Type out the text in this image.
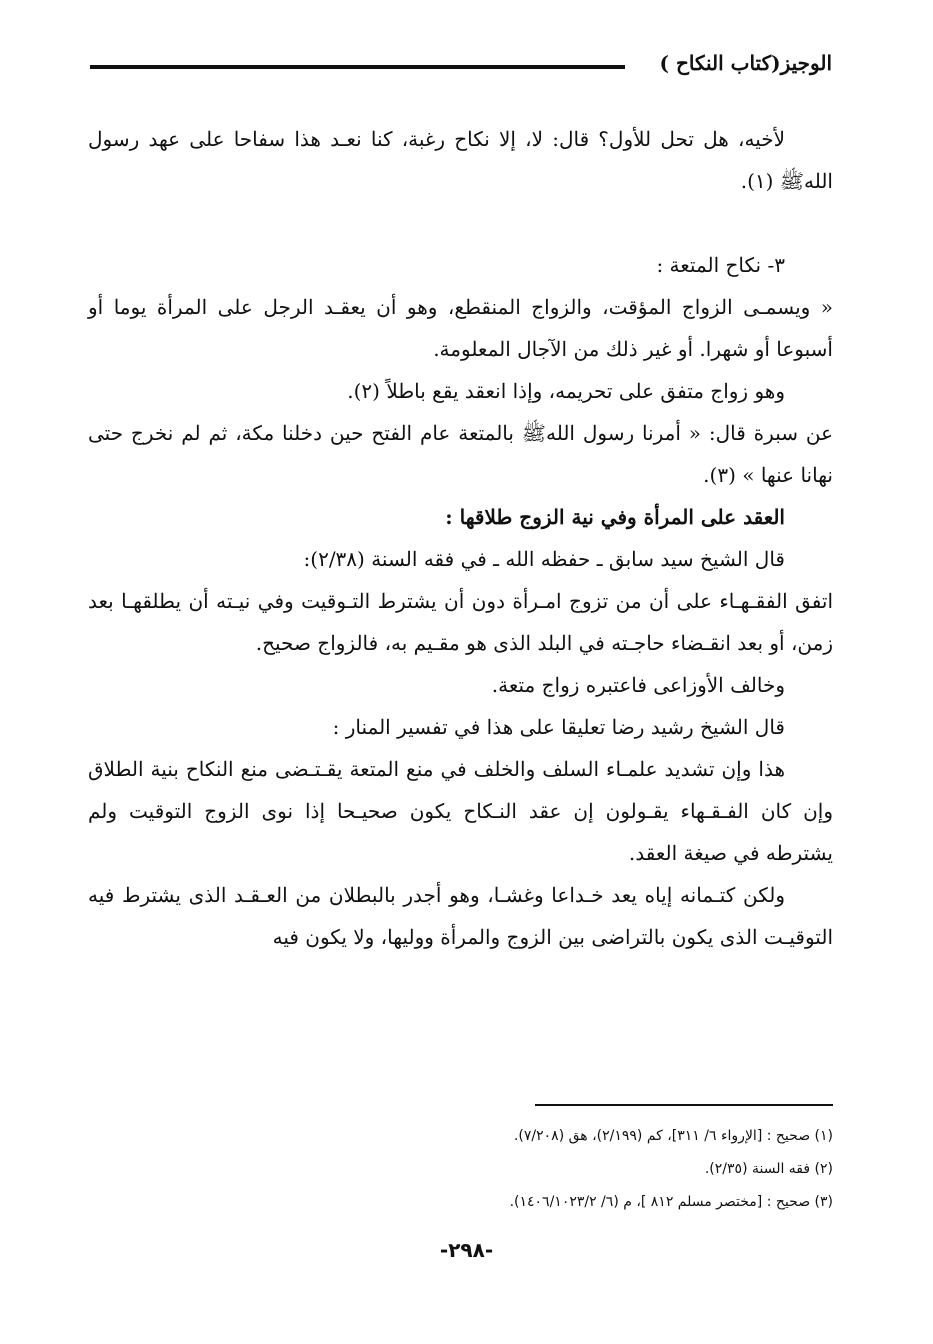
الوجيز(كتاب النكاح )

لأخيه، هل تحل للأول؟ قال: لا، إلا نكاح رغبة، كنا نعـد هذا سفاحا على عهد رسول اللهﷺ (١).

٣- نكاح المتعة :

« ويسمـى الزواج المؤقت، والزواج المنقطع، وهو أن يعقـد الرجل على المرأة يوما أو أسبوعا أو شهرا. أو غير ذلك من الآجال المعلومة.

وهو زواج متفق على تحريمه، وإذا انعقد يقع باطلاً (٢).

عن سبرة قال: « أمرنا رسول اللهﷺ بالمتعة عام الفتح حين دخلنا مكة، ثم لم نخرج حتى نهانا عنها » (٣).

العقد على المرأة وفي نية الزوج طلاقها :

قال الشيخ سيد سابق ـ حفظه الله ـ في فقه السنة (٢/٣٨):

اتفق الفقـهـاء على أن من تزوج امـرأة دون أن يشترط التـوقيت وفي نيـته أن يطلقهـا بعد زمن، أو بعد انقـضاء حاجـته في البلد الذى هو مقـيم به، فالزواج صحيح.

وخالف الأوزاعى فاعتبره زواج متعة.

قال الشيخ رشيد رضا تعليقا على هذا في تفسير المنار :

هذا وإن تشديد علمـاء السلف والخلف في منع المتعة يقـتـضى منع النكاح بنية الطلاق وإن كان الفـقـهاء يقـولون إن عقد النـكاح يكون صحيـحا إذا نوى الزوج التوقيت ولم يشترطه في صيغة العقد.

ولكن كتـمانه إياه يعد خـداعا وغشـا، وهو أجدر بالبطلان من العـقـد الذى يشترط فيه التوقيـت الذى يكون بالتراضى بين الزوج والمرأة ووليها، ولا يكون فيه

(١) صحيح : [الإرواء ٦/ ٣١١]، كم (٢/١٩٩)، هق (٧/٢٠٨).

(٢) فقه السنة (٢/٣٥).

(٣) صحيح : [مختصر مسلم ٨١٢ ]، م (٦/ ١٤٠٦/١٠٢٣/٢).

-٢٩٨-
